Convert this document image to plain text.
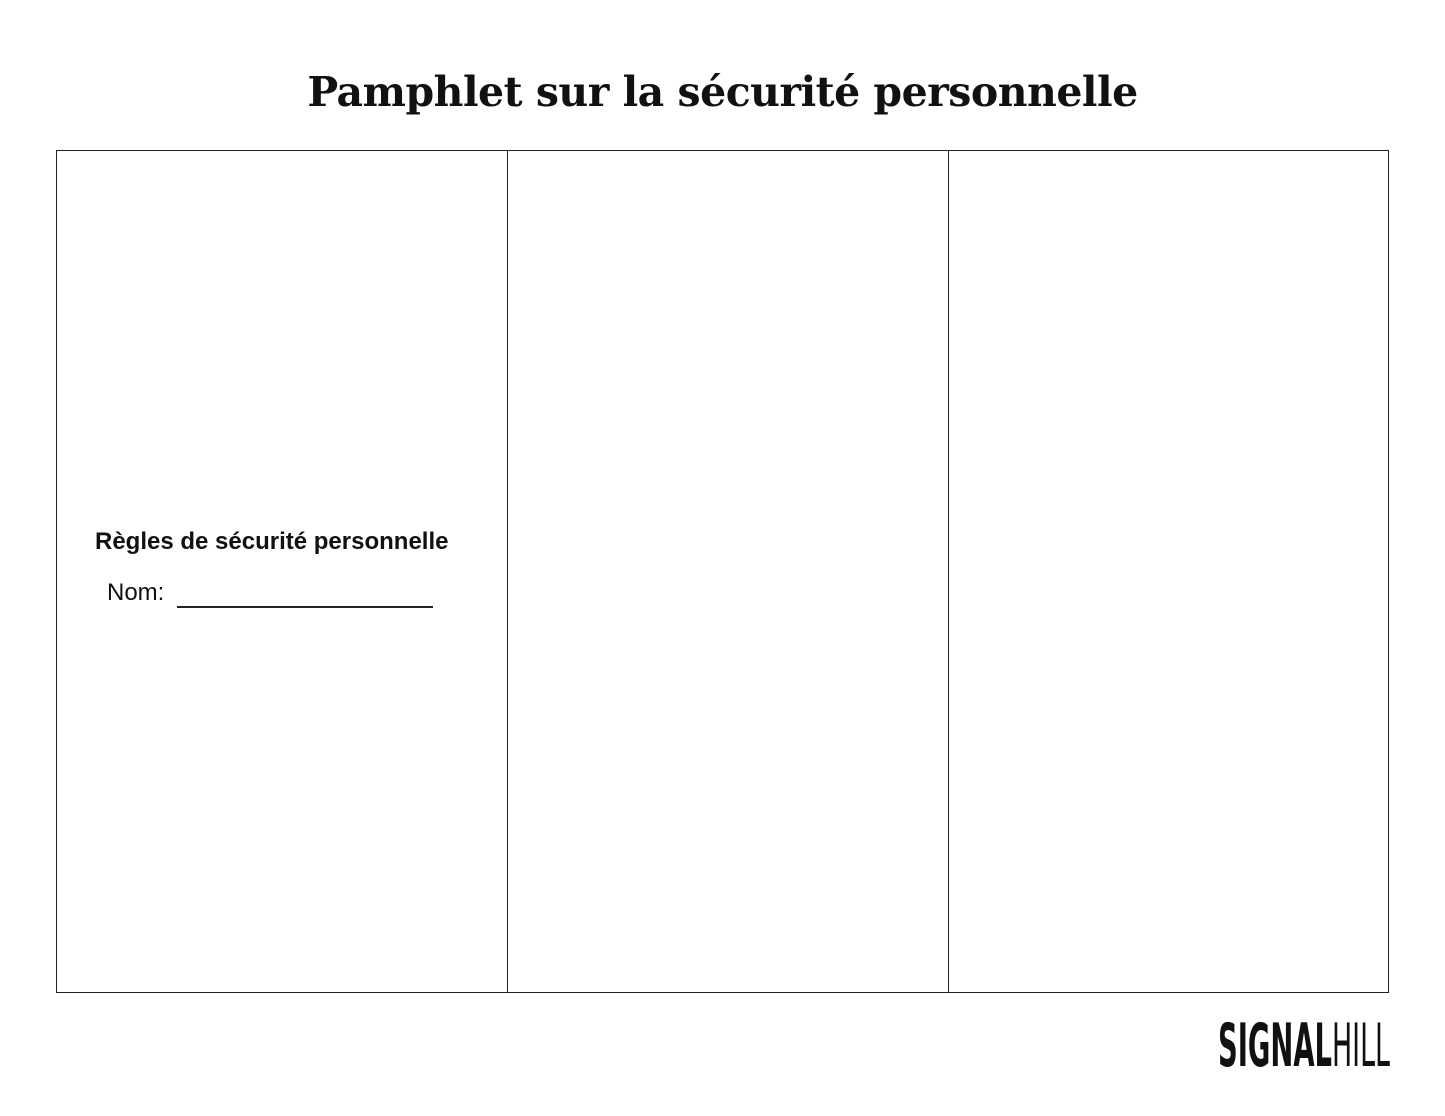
Pamphlet sur la sécurité personnelle
Règles de sécurité personnelle
Nom:
SIGNAL HILL
